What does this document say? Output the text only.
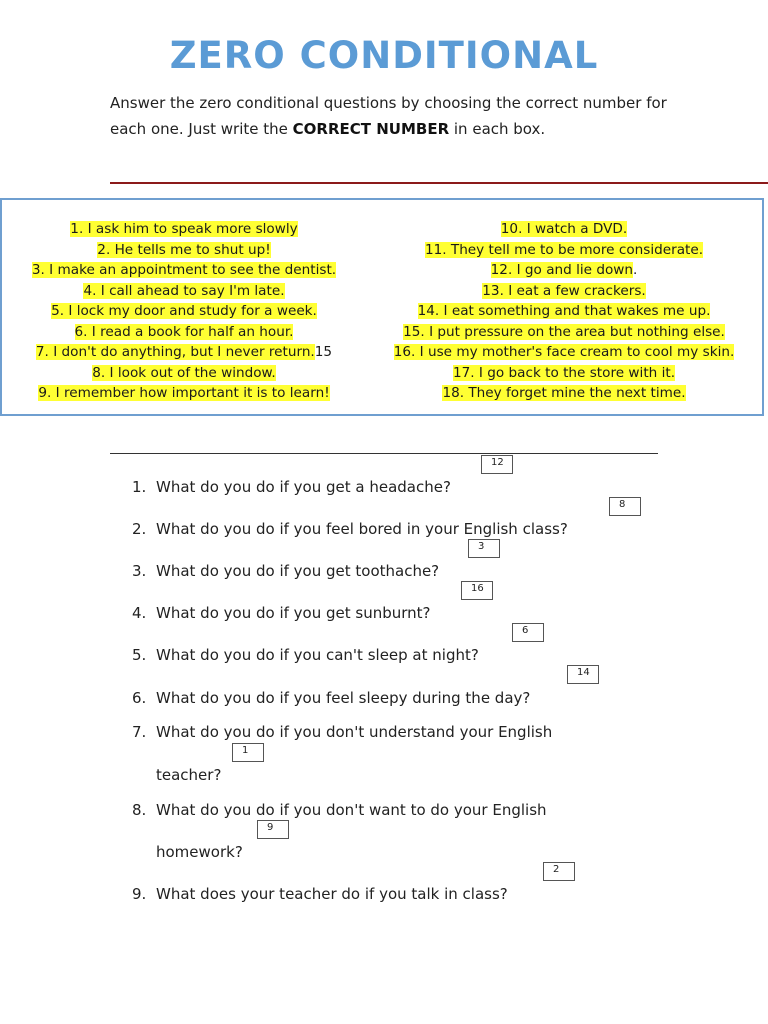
ZERO CONDITIONAL
Answer the zero conditional questions by choosing the correct number for each one. Just write the CORRECT NUMBER in each box.
1. I ask him to speak more slowly
2. He tells me to shut up!
3. I make an appointment to see the dentist.
4. I call ahead to say I'm late.
5. I lock my door and study for a week.
6. I read a book for half an hour.
7. I don't do anything, but I never return.15
8. I look out of the window.
9. I remember how important it is to learn!
10. I watch a DVD.
11. They tell me to be more considerate.
12. I go and lie down.
13. I eat a few crackers.
14. I eat something and that wakes me up.
15. I put pressure on the area but nothing else.
16. I use my mother's face cream to cool my skin.
17. I go back to the store with it.
18. They forget mine the next time.
1. What do you do if you get a headache?
12
2. What do you do if you feel bored in your English class?
8
3. What do you do if you get toothache?
3
4. What do you do if you get sunburnt?
16
5. What do you do if you can't sleep at night?
6
6. What do you do if you feel sleepy during the day?
14
7. What do you do if you don't understand your English
teacher?
1
8. What do you do if you don't want to do your English
homework?
9
9. What does your teacher do if you talk in class?
2
